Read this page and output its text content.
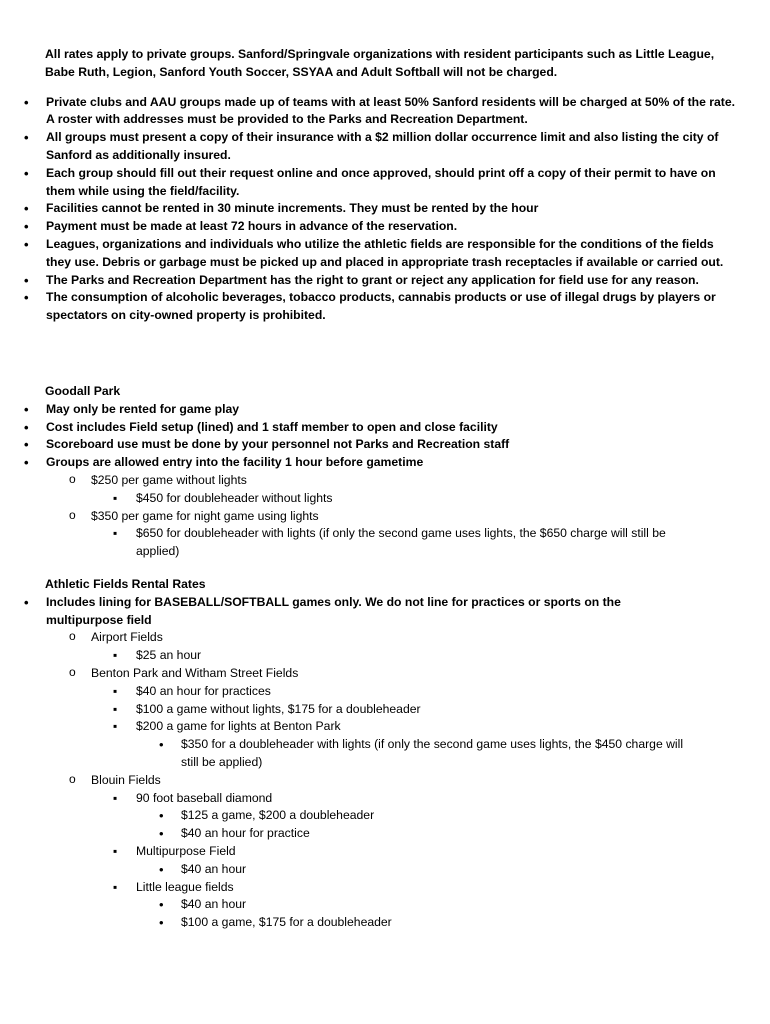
All rates apply to private groups. Sanford/Springvale organizations with resident participants such as Little League, Babe Ruth, Legion, Sanford Youth Soccer, SSYAA and Adult Softball will not be charged.
• Private clubs and AAU groups made up of teams with at least 50% Sanford residents will be charged at 50% of the rate. A roster with addresses must be provided to the Parks and Recreation Department.
• All groups must present a copy of their insurance with a $2 million dollar occurrence limit and also listing the city of Sanford as additionally insured.
• Each group should fill out their request online and once approved, should print off a copy of their permit to have on them while using the field/facility.
• Facilities cannot be rented in 30 minute increments. They must be rented by the hour
• Payment must be made at least 72 hours in advance of the reservation.
• Leagues, organizations and individuals who utilize the athletic fields are responsible for the conditions of the fields they use. Debris or garbage must be picked up and placed in appropriate trash receptacles if available or carried out.
• The Parks and Recreation Department has the right to grant or reject any application for field use for any reason.
• The consumption of alcoholic beverages, tobacco products, cannabis products or use of illegal drugs by players or spectators on city-owned property is prohibited.
Goodall Park
• May only be rented for game play
• Cost includes Field setup (lined) and 1 staff member to open and close facility
• Scoreboard use must be done by your personnel not Parks and Recreation staff
• Groups are allowed entry into the facility 1 hour before gametime
o $250 per game without lights
▪ $450 for doubleheader without lights
o $350 per game for night game using lights
▪ $650 for doubleheader with lights (if only the second game uses lights, the $650 charge will still be applied)
Athletic Fields Rental Rates
• Includes lining for BASEBALL/SOFTBALL games only. We do not line for practices or sports on the multipurpose field
o Airport Fields
▪ $25 an hour
o Benton Park and Witham Street Fields
▪ $40 an hour for practices
▪ $100 a game without lights, $175 for a doubleheader
▪ $200 a game for lights at Benton Park
• $350 for a doubleheader with lights (if only the second game uses lights, the $450 charge will still be applied)
o Blouin Fields
▪ 90 foot baseball diamond
• $125 a game, $200 a doubleheader
• $40 an hour for practice
▪ Multipurpose Field
• $40 an hour
▪ Little league fields
• $40 an hour
• $100 a game, $175 for a doubleheader
